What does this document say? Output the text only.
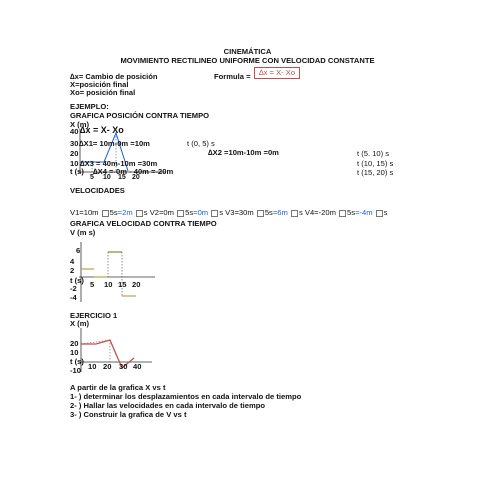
CINEMÁTICA
MOVIMIENTO RECTILINEO UNIFORME CON VELOCIDAD CONSTANTE
∆x= Cambio de posición
X=posición final
Xo= posición final
Formula =	∆x = X- Xo
EJEMPLO:
GRAFICA POSICIÓN CONTRA TIEMPO
X (m)
40
30
20
10
t (s)
∆x = X- Xo
∆X1= 10m-0m =10m	t (0, 5) s
∆X2 =10m-10m =0m	t (5. 10) s
∆X3 = 40m-10m =30m	t (10, 15) s
∆X4 =-0m - 40m =-20m	t (15, 20) s
5 10 15 20
VELOCIDADES
V1=10m 5s=2m s V2=0m 5s=0m s V3=30m 5s=6m s V4=-20m 5s=-4m s
GRAFICA VELOCIDAD CONTRA TIEMPO
V (m s)
6
4
2
t (s)
-2
-4
5 10 15 20
EJERCICIO 1
X (m)
20
10
t (s)
-10 10 20 30 40
A partir de la grafica X vs t
1- ) determinar los desplazamientos en cada intervalo de tiempo
2- ) Hallar las velocidades en cada intervalo de tiempo
3- ) Construir la grafica de V vs t
